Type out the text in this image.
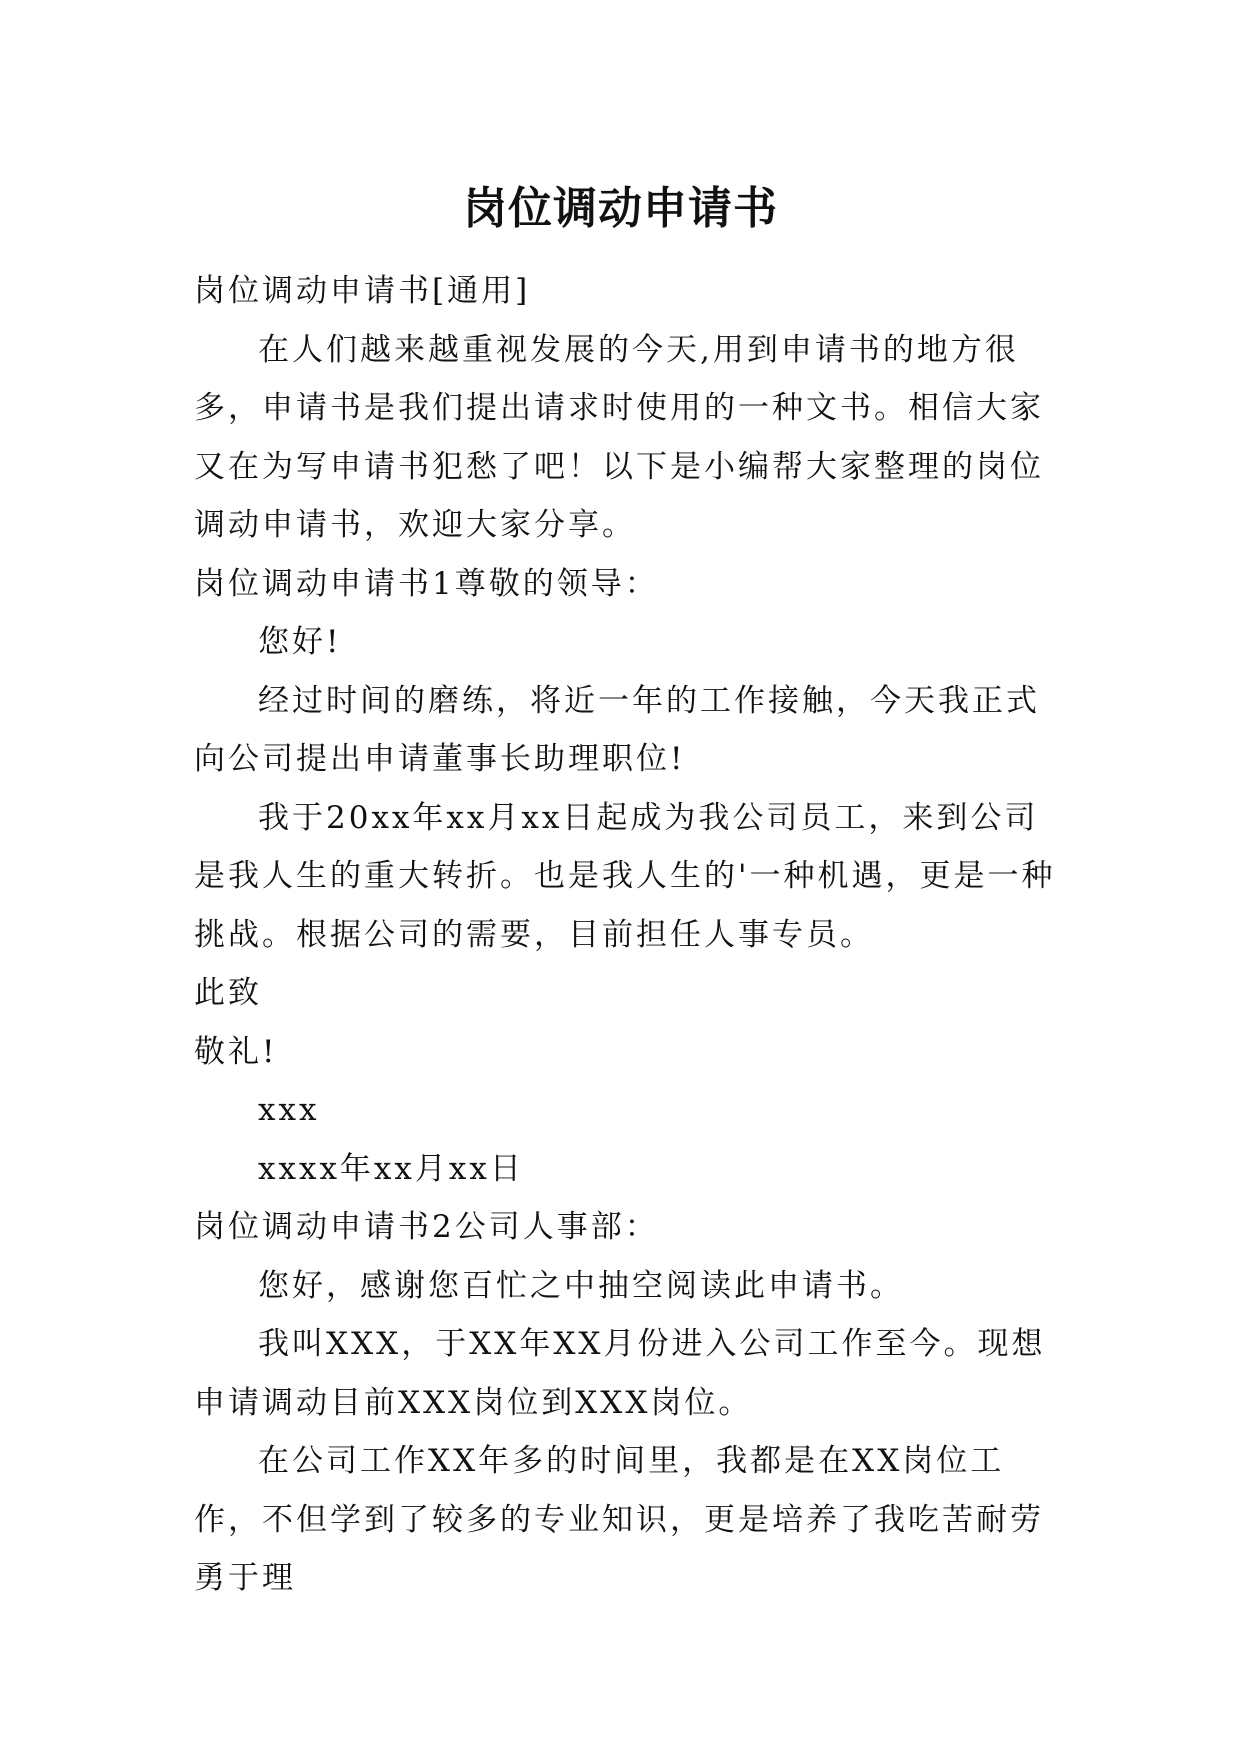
岗位调动申请书

岗位调动申请书[通用]

在人们越来越重视发展的今天,用到申请书的地方很多，申请书是我们提出请求时使用的一种文书。相信大家又在为写申请书犯愁了吧！以下是小编帮大家整理的岗位调动申请书，欢迎大家分享。

岗位调动申请书1尊敬的领导：

您好!

经过时间的磨练，将近一年的工作接触，今天我正式向公司提出申请董事长助理职位!

我于20xx年xx月xx日起成为我公司员工，来到公司是我人生的重大转折。也是我人生的'一种机遇，更是一种挑战。根据公司的需要，目前担任人事专员。

此致

敬礼!

xxx

xxxx年xx月xx日

岗位调动申请书2公司人事部：

您好，感谢您百忙之中抽空阅读此申请书。

我叫XXX，于XX年XX月份进入公司工作至今。现想申请调动目前XXX岗位到XXX岗位。

在公司工作XX年多的时间里，我都是在XX岗位工作，不但学到了较多的专业知识，更是培养了我吃苦耐劳勇于理
